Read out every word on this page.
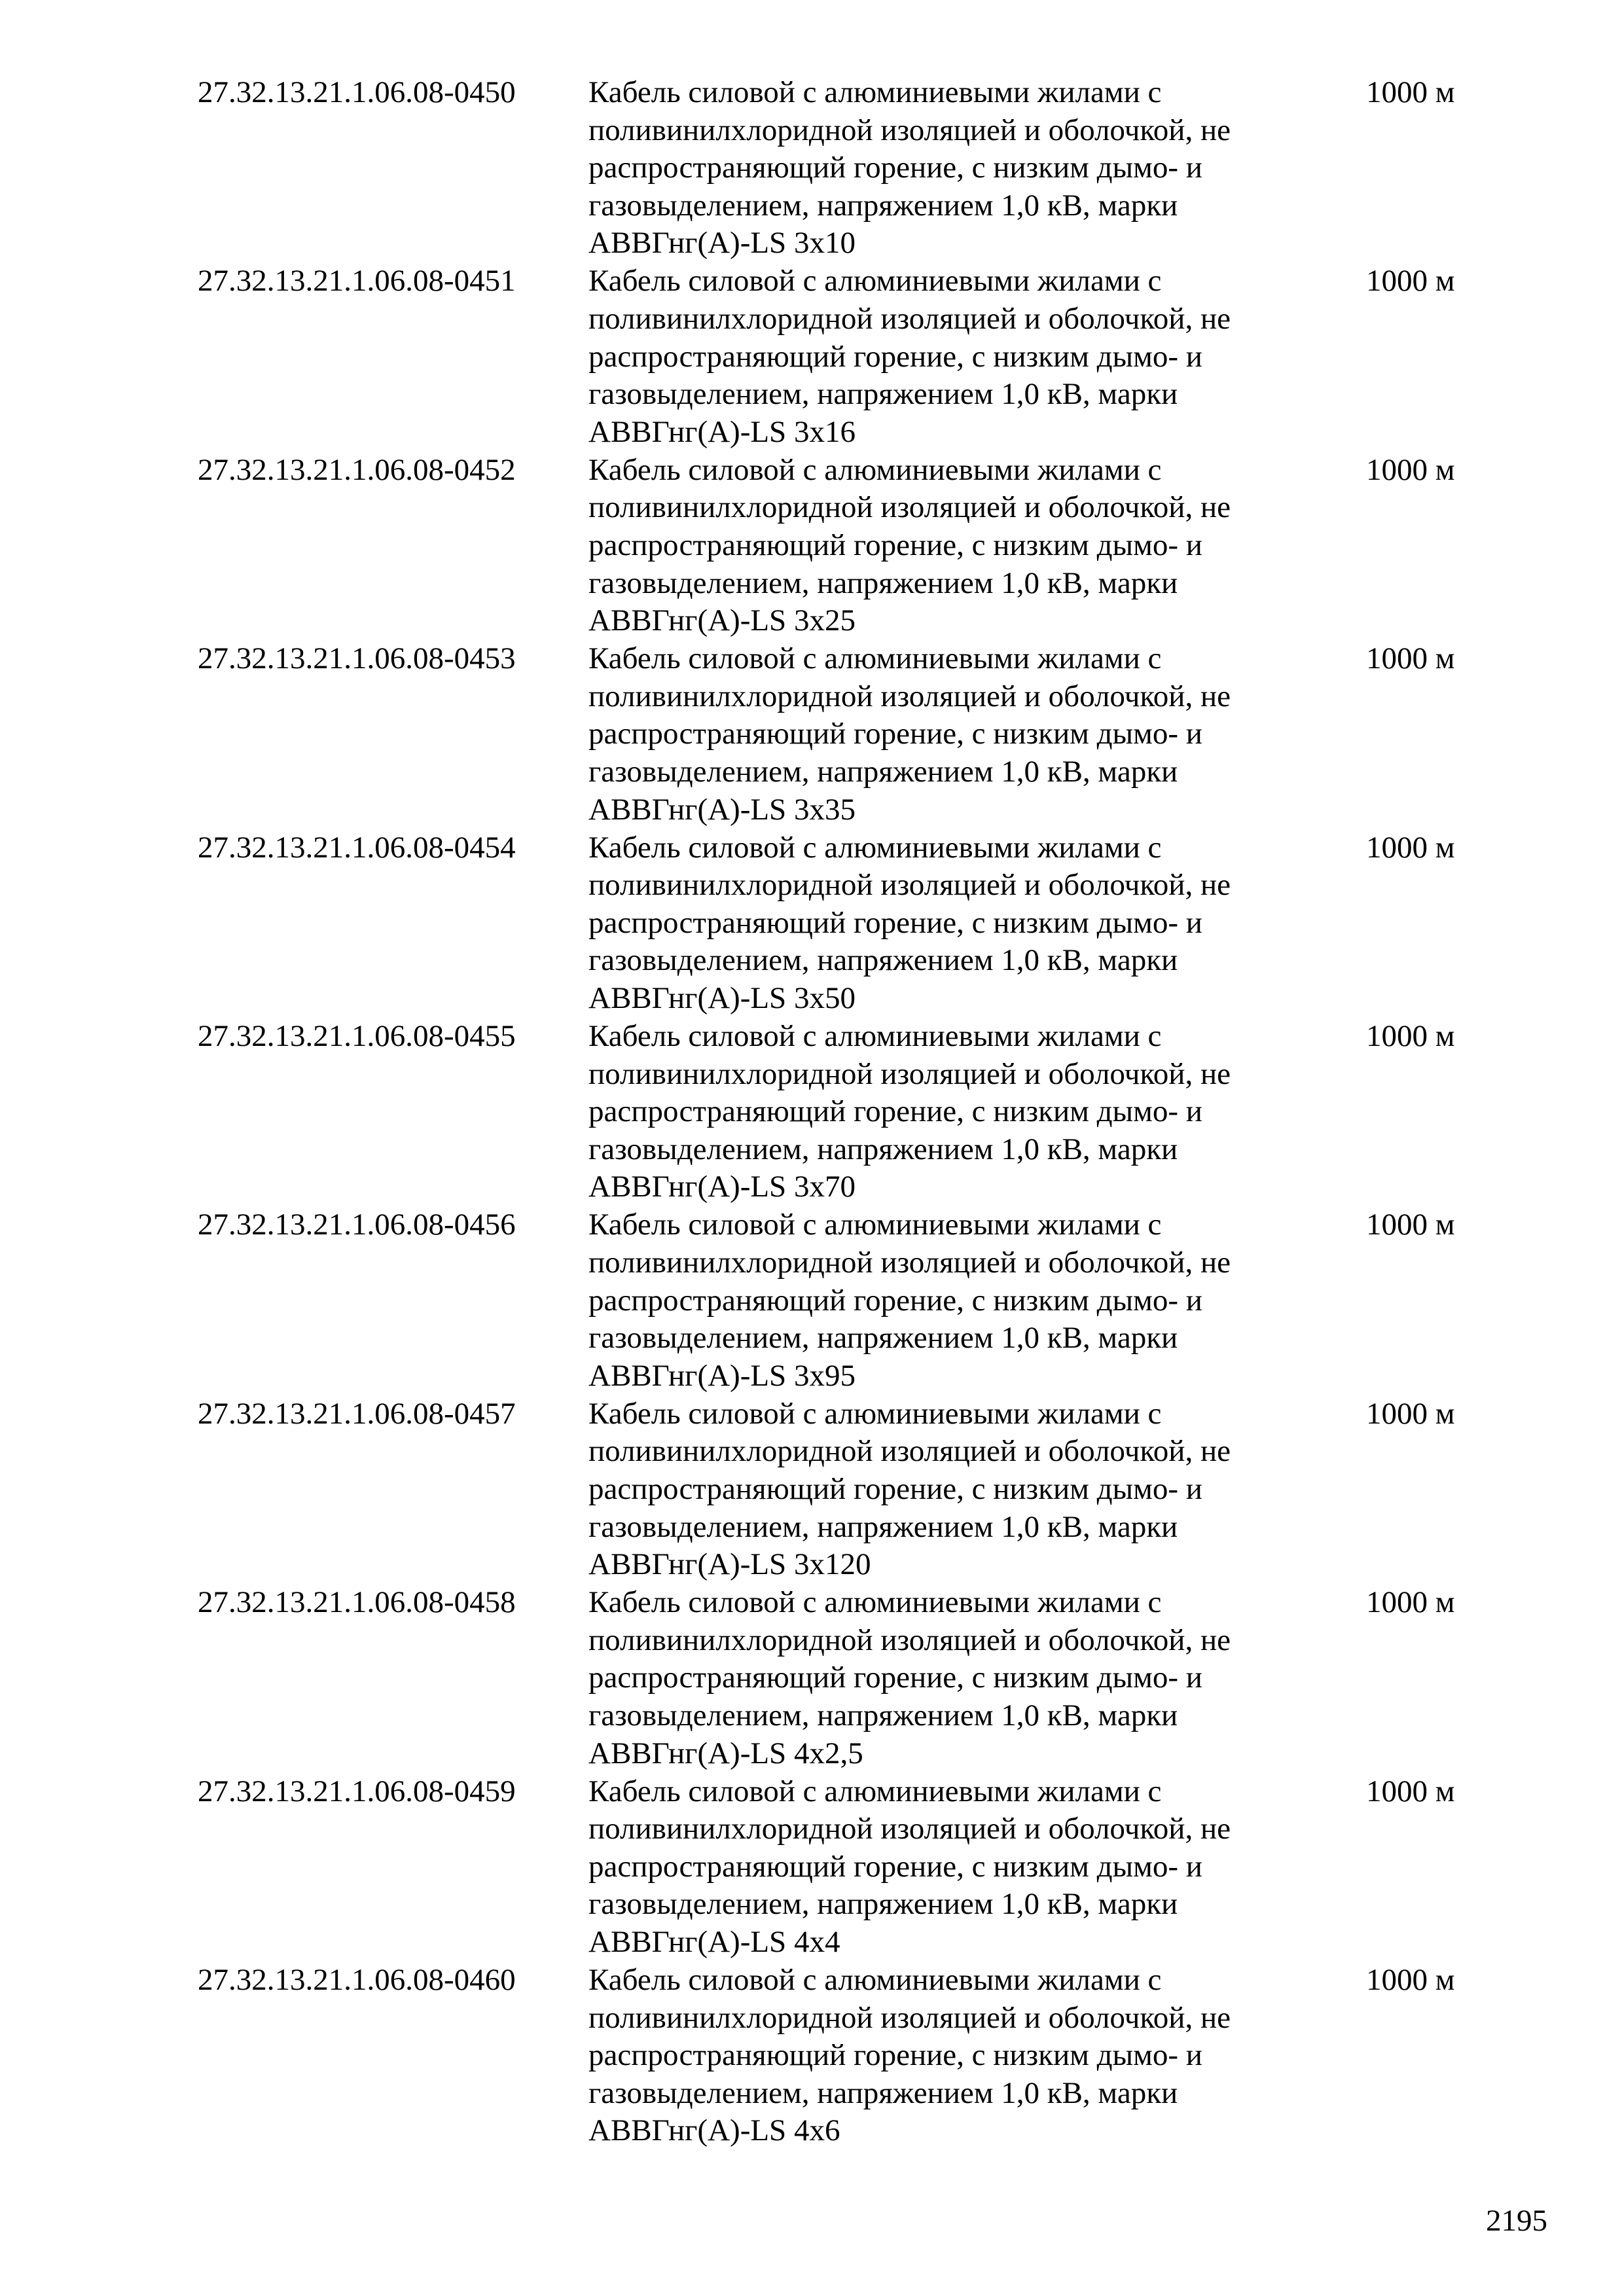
27.32.13.21.1.06.08-0450 Кабель силовой с алюминиевыми жилами с
поливинилхлоридной изоляцией и оболочкой, не
распространяющий горение, с низким дымо- и
газовыделением, напряжением 1,0 кВ, марки
АВВГнг(А)-LS 3х10
1000 м
27.32.13.21.1.06.08-0451 Кабель силовой с алюминиевыми жилами с
поливинилхлоридной изоляцией и оболочкой, не
распространяющий горение, с низким дымо- и
газовыделением, напряжением 1,0 кВ, марки
АВВГнг(А)-LS 3х16
1000 м
27.32.13.21.1.06.08-0452 Кабель силовой с алюминиевыми жилами с
поливинилхлоридной изоляцией и оболочкой, не
распространяющий горение, с низким дымо- и
газовыделением, напряжением 1,0 кВ, марки
АВВГнг(А)-LS 3х25
1000 м
27.32.13.21.1.06.08-0453 Кабель силовой с алюминиевыми жилами с
поливинилхлоридной изоляцией и оболочкой, не
распространяющий горение, с низким дымо- и
газовыделением, напряжением 1,0 кВ, марки
АВВГнг(А)-LS 3х35
1000 м
27.32.13.21.1.06.08-0454 Кабель силовой с алюминиевыми жилами с
поливинилхлоридной изоляцией и оболочкой, не
распространяющий горение, с низким дымо- и
газовыделением, напряжением 1,0 кВ, марки
АВВГнг(А)-LS 3х50
1000 м
27.32.13.21.1.06.08-0455 Кабель силовой с алюминиевыми жилами с
поливинилхлоридной изоляцией и оболочкой, не
распространяющий горение, с низким дымо- и
газовыделением, напряжением 1,0 кВ, марки
АВВГнг(А)-LS 3х70
1000 м
27.32.13.21.1.06.08-0456 Кабель силовой с алюминиевыми жилами с
поливинилхлоридной изоляцией и оболочкой, не
распространяющий горение, с низким дымо- и
газовыделением, напряжением 1,0 кВ, марки
АВВГнг(А)-LS 3х95
1000 м
27.32.13.21.1.06.08-0457 Кабель силовой с алюминиевыми жилами с
поливинилхлоридной изоляцией и оболочкой, не
распространяющий горение, с низким дымо- и
газовыделением, напряжением 1,0 кВ, марки
АВВГнг(А)-LS 3х120
1000 м
27.32.13.21.1.06.08-0458 Кабель силовой с алюминиевыми жилами с
поливинилхлоридной изоляцией и оболочкой, не
распространяющий горение, с низким дымо- и
газовыделением, напряжением 1,0 кВ, марки
АВВГнг(А)-LS 4х2,5
1000 м
27.32.13.21.1.06.08-0459 Кабель силовой с алюминиевыми жилами с
поливинилхлоридной изоляцией и оболочкой, не
распространяющий горение, с низким дымо- и
газовыделением, напряжением 1,0 кВ, марки
АВВГнг(А)-LS 4х4
1000 м
27.32.13.21.1.06.08-0460 Кабель силовой с алюминиевыми жилами с
поливинилхлоридной изоляцией и оболочкой, не
распространяющий горение, с низким дымо- и
газовыделением, напряжением 1,0 кВ, марки
АВВГнг(А)-LS 4х6
1000 м
2195
